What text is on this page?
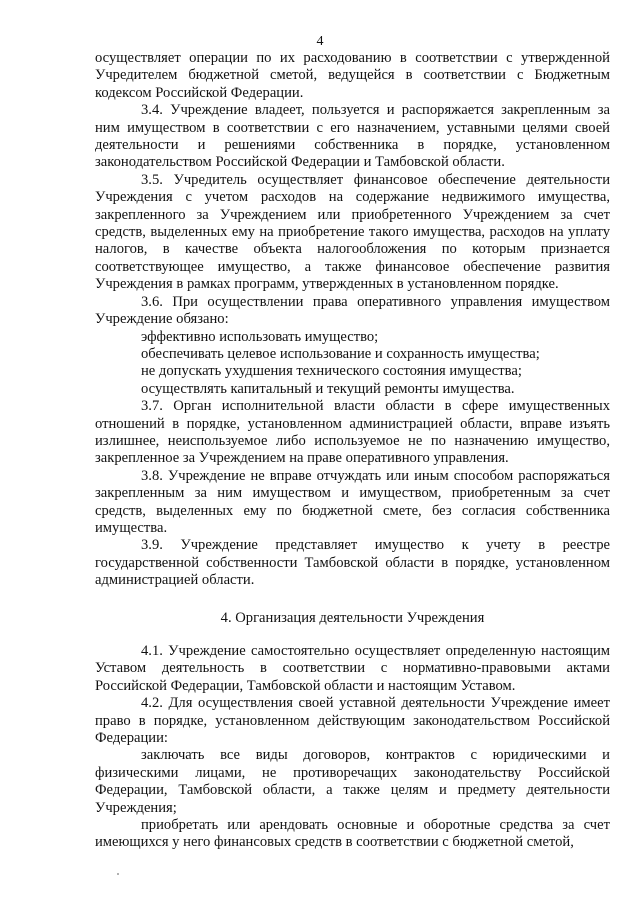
4

осуществляет операции по их расходованию в соответствии с утвержденной Учредителем бюджетной сметой, ведущейся в соответствии с Бюджетным кодексом Российской Федерации.

3.4. Учреждение владеет, пользуется и распоряжается закрепленным за ним имуществом в соответствии с его назначением, уставными целями своей деятельности и решениями собственника в порядке, установленном законодательством Российской Федерации и Тамбовской области.

3.5. Учредитель осуществляет финансовое обеспечение деятельности Учреждения с учетом расходов на содержание недвижимого имущества, закрепленного за Учреждением или приобретенного Учреждением за счет средств, выделенных ему на приобретение такого имущества, расходов на уплату налогов, в качестве объекта налогообложения по которым признается соответствующее имущество, а также финансовое обеспечение развития Учреждения в рамках программ, утвержденных в установленном порядке.

3.6. При осуществлении права оперативного управления имуществом Учреждение обязано:

эффективно использовать имущество;

обеспечивать целевое использование и сохранность имущества;

не допускать ухудшения технического состояния имущества;

осуществлять капитальный и текущий ремонты имущества.

3.7. Орган исполнительной власти области в сфере имущественных отношений в порядке, установленном администрацией области, вправе изъять излишнее, неиспользуемое либо используемое не по назначению имущество, закрепленное за Учреждением на праве оперативного управления.

3.8. Учреждение не вправе отчуждать или иным способом распоряжаться закрепленным за ним имуществом и имуществом, приобретенным за счет средств, выделенных ему по бюджетной смете, без согласия собственника имущества.

3.9. Учреждение представляет имущество к учету в реестре государственной собственности Тамбовской области в порядке, установленном администрацией области.

4. Организация деятельности Учреждения

4.1. Учреждение самостоятельно осуществляет определенную настоящим Уставом деятельность в соответствии с нормативно-правовыми актами Российской Федерации, Тамбовской области и настоящим Уставом.

4.2. Для осуществления своей уставной деятельности Учреждение имеет право в порядке, установленном действующим законодательством Российской Федерации:

заключать все виды договоров, контрактов с юридическими и физическими лицами, не противоречащих законодательству Российской Федерации, Тамбовской области, а также целям и предмету деятельности Учреждения;

приобретать или арендовать основные и оборотные средства за счет имеющихся у него финансовых средств в соответствии с бюджетной сметой,
